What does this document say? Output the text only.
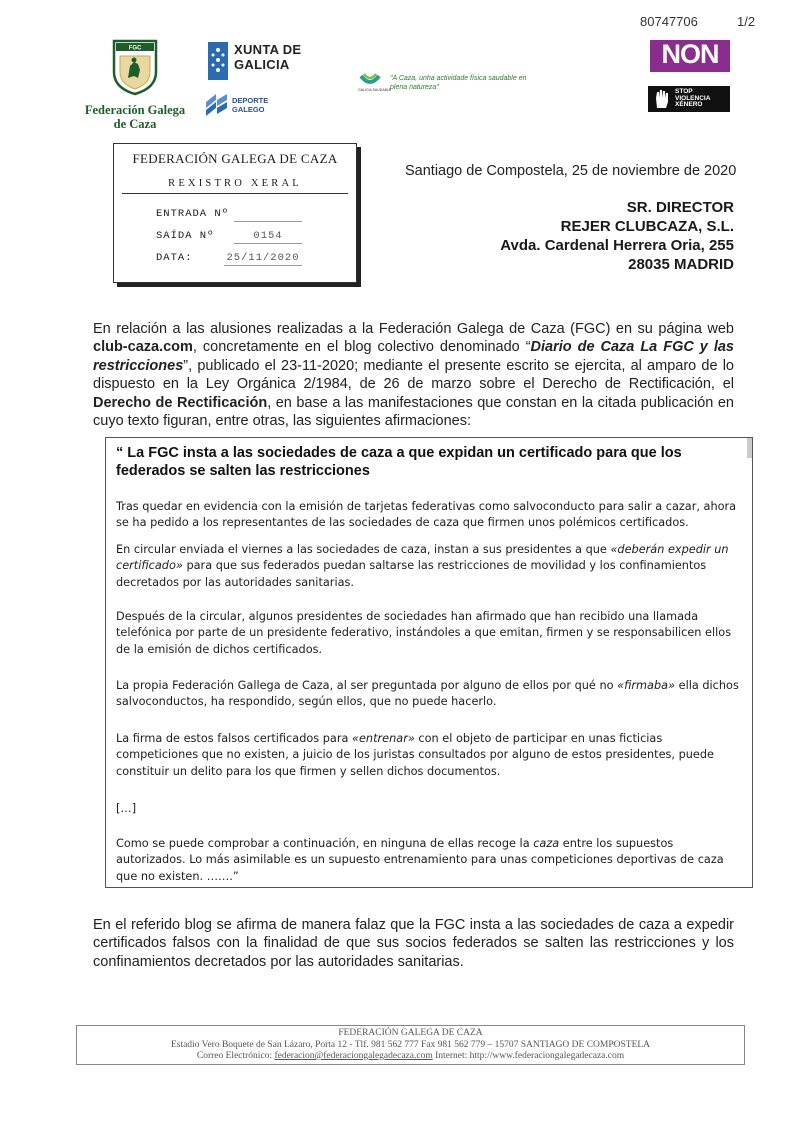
80747706	1/2
FGC
Federación Galega de Caza
XUNTA DE GALICIA
DEPORTE GALEGO
GALICIA SAUDABLE
"A Caza, unha actividade física saudable en plena natureza"
NON
STOP VIOLENCIA XÉNERO
FEDERACIÓN GALEGA DE CAZA
REXISTRO XERAL
ENTRADA Nº
SAÍDA Nº	0154
DATA:	25/11/2020
Santiago de Compostela, 25 de noviembre de 2020
SR. DIRECTOR
REJER CLUBCAZA, S.L.
Avda. Cardenal Herrera Oria, 255
28035 MADRID
En relación a las alusiones realizadas a la Federación Galega de Caza (FGC) en su página web club-caza.com, concretamente en el blog colectivo denominado “Diario de Caza La FGC y las restricciones”, publicado el 23-11-2020; mediante el presente escrito se ejercita, al amparo de lo dispuesto en la Ley Orgánica 2/1984, de 26 de marzo sobre el Derecho de Rectificación, el Derecho de Rectificación, en base a las manifestaciones que constan en la citada publicación en cuyo texto figuran, entre otras, las siguientes afirmaciones:
“ La FGC insta a las sociedades de caza a que expidan un certificado para que los federados se salten las restricciones
Tras quedar en evidencia con la emisión de tarjetas federativas como salvoconducto para salir a cazar, ahora se ha pedido a los representantes de las sociedades de caza que firmen unos polémicos certificados.
En circular enviada el viernes a las sociedades de caza, instan a sus presidentes a que «deberán expedir un certificado» para que sus federados puedan saltarse las restricciones de movilidad y los confinamientos decretados por las autoridades sanitarias.
Después de la circular, algunos presidentes de sociedades han afirmado que han recibido una llamada telefónica por parte de un presidente federativo, instándoles a que emitan, firmen y se responsabilicen ellos de la emisión de dichos certificados.
La propia Federación Gallega de Caza, al ser preguntada por alguno de ellos por qué no «firmaba» ella dichos salvoconductos, ha respondido, según ellos, que no puede hacerlo.
La firma de estos falsos certificados para «entrenar» con el objeto de participar en unas ficticias competiciones que no existen, a juicio de los juristas consultados por alguno de estos presidentes, puede constituir un delito para los que firmen y sellen dichos documentos.
[…]
Como se puede comprobar a continuación, en ninguna de ellas recoge la caza entre los supuestos autorizados. Lo más asimilable es un supuesto entrenamiento para unas competiciones deportivas de caza que no existen. …….”
En el referido blog se afirma de manera falaz que la FGC insta a las sociedades de caza a expedir certificados falsos con la finalidad de que sus socios federados se salten las restricciones y los confinamientos decretados por las autoridades sanitarias.
FEDERACIÓN GALEGA DE CAZA
Estadio Vero Boquete de San Lázaro, Porta 12 - Tlf. 981 562 777 Fax 981 562 779 – 15707 SANTIAGO DE COMPOSTELA
Correo Electrónico: federacion@federaciongalegadecaza.com Internet: http://www.federaciongalegadecaza.com
